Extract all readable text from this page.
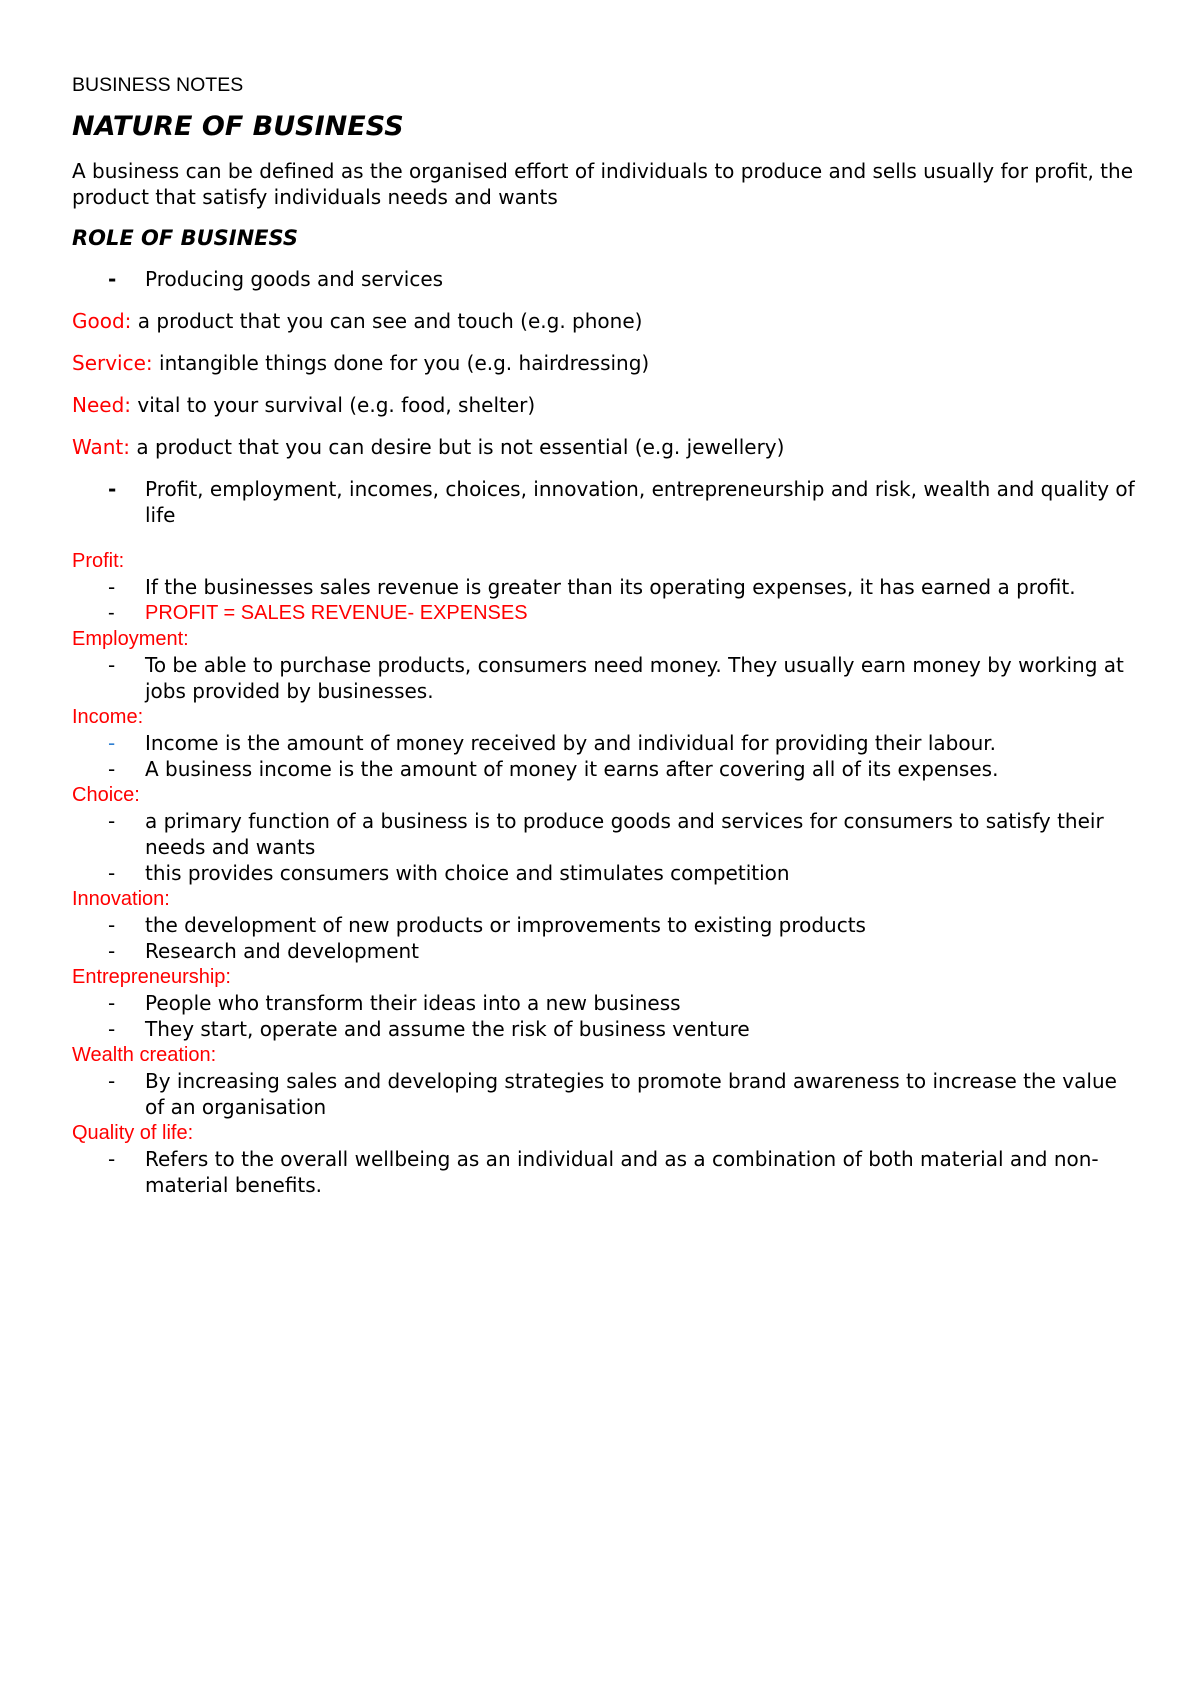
BUSINESS NOTES
NATURE OF BUSINESS
A business can be defined as the organised effort of individuals to produce and sells usually for profit, the product that satisfy individuals needs and wants
ROLE OF BUSINESS
- Producing goods and services
Good: a product that you can see and touch (e.g. phone)
Service: intangible things done for you (e.g. hairdressing)
Need: vital to your survival (e.g. food, shelter)
Want: a product that you can desire but is not essential (e.g. jewellery)
- Profit, employment, incomes, choices, innovation, entrepreneurship and risk, wealth and quality of life
Profit:
- If the businesses sales revenue is greater than its operating expenses, it has earned a profit.
- PROFIT = SALES REVENUE- EXPENSES
Employment:
- To be able to purchase products, consumers need money. They usually earn money by working at jobs provided by businesses.
Income:
- Income is the amount of money received by and individual for providing their labour.
- A business income is the amount of money it earns after covering all of its expenses.
Choice:
- a primary function of a business is to produce goods and services for consumers to satisfy their needs and wants
- this provides consumers with choice and stimulates competition
Innovation:
- the development of new products or improvements to existing products
- Research and development
Entrepreneurship:
- People who transform their ideas into a new business
- They start, operate and assume the risk of business venture
Wealth creation:
- By increasing sales and developing strategies to promote brand awareness to increase the value of an organisation
Quality of life:
- Refers to the overall wellbeing as an individual and as a combination of both material and non-material benefits.
